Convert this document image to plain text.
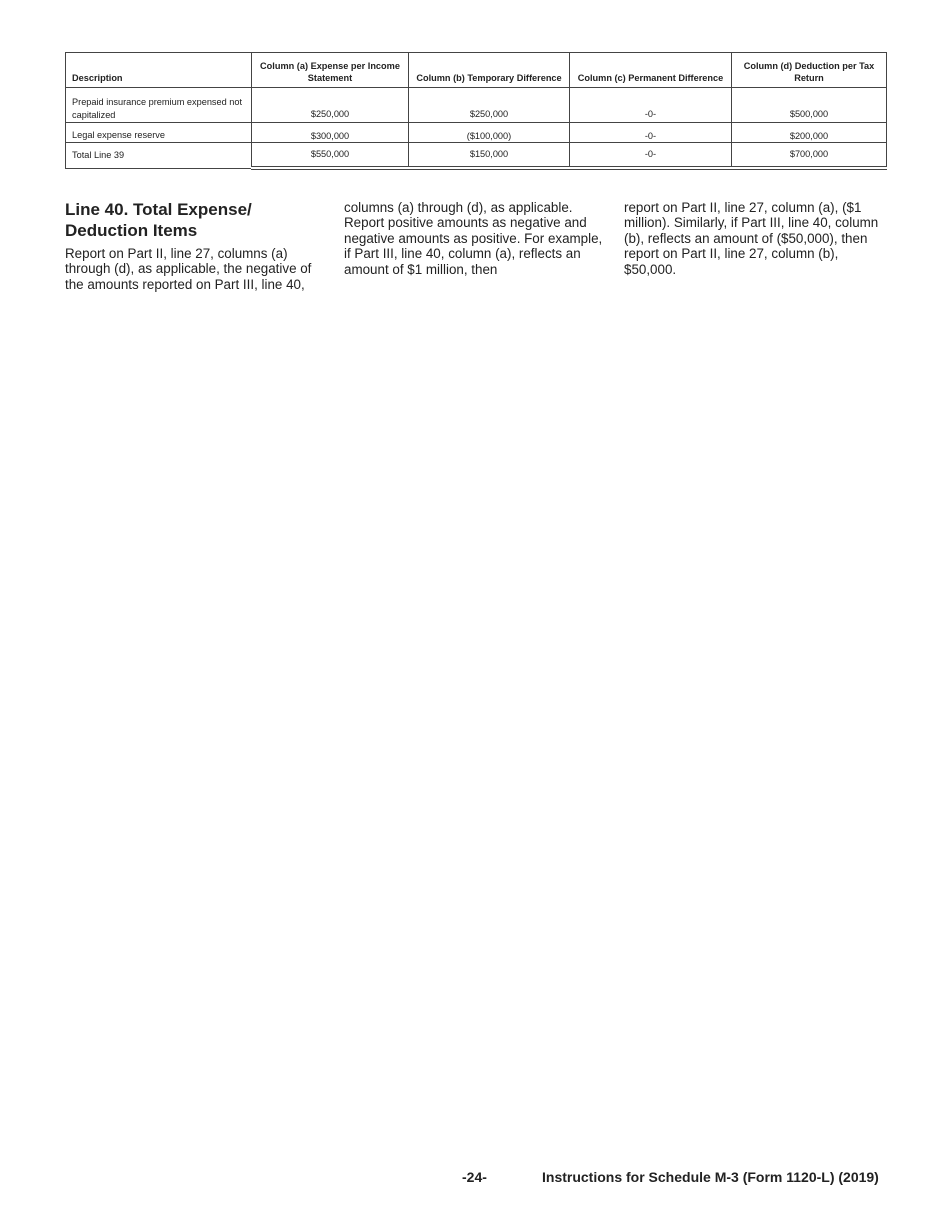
Description	Column (a) Expense per Income Statement	Column (b) Temporary Difference	Column (c) Permanent Difference	Column (d) Deduction per Tax Return
Prepaid insurance premium expensed not capitalized	$250,000	$250,000	-0-	$500,000
Legal expense reserve	$300,000	($100,000)	-0-	$200,000
Total Line 39	$550,000	$150,000	-0-	$700,000
Line 40. Total Expense/ Deduction Items

Report on Part II, line 27, columns (a) through (d), as applicable, the negative of the amounts reported on Part III, line 40,

columns (a) through (d), as applicable. Report positive amounts as negative and negative amounts as positive. For example, if Part III, line 40, column (a), reflects an amount of $1 million, then

report on Part II, line 27, column (a), ($1 million). Similarly, if Part III, line 40, column (b), reflects an amount of ($50,000), then report on Part II, line 27, column (b), $50,000.

-24-	Instructions for Schedule M-3 (Form 1120-L) (2019)
